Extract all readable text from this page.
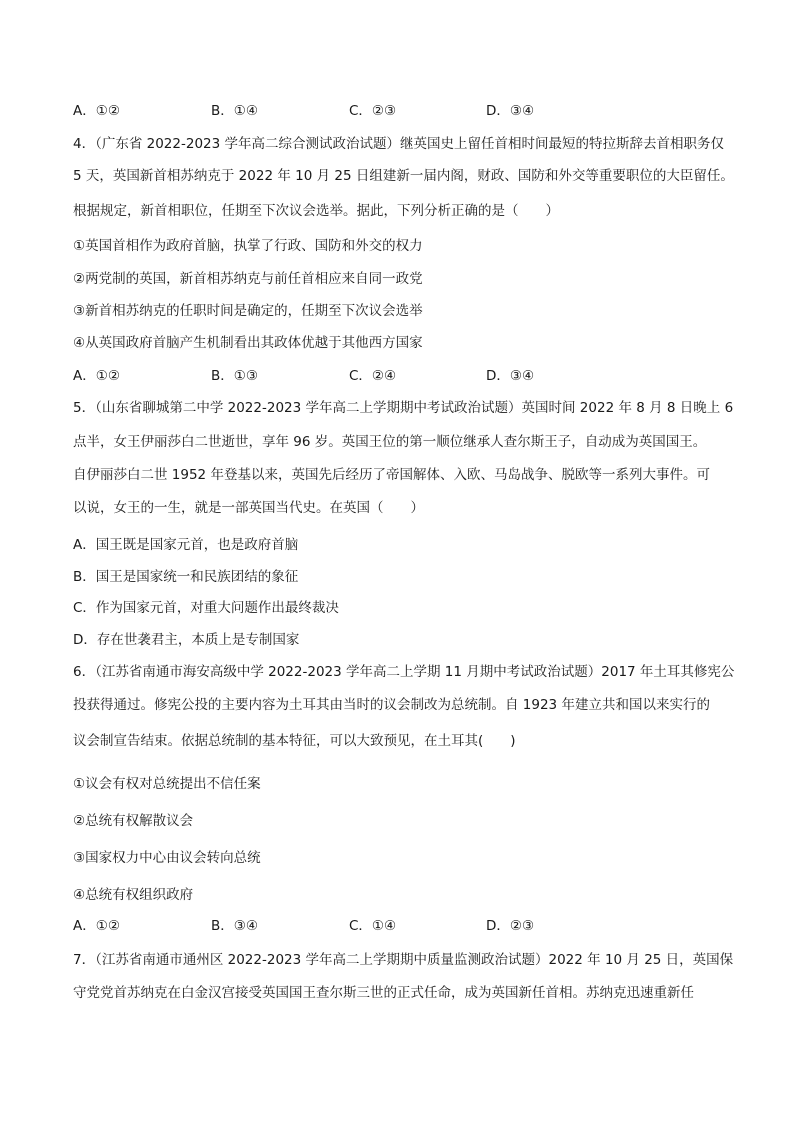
A．①②	B．①④	C．②③	D．③④
4．（广东省 2022-2023 学年高二综合测试政治试题）继英国史上留任首相时间最短的特拉斯辞去首相职务仅
5 天，英国新首相苏纳克于 2022 年 10 月 25 日组建新一届内阁，财政、国防和外交等重要职位的大臣留任。
根据规定，新首相职位，任期至下次议会选举。据此，下列分析正确的是（　　）
①英国首相作为政府首脑，执掌了行政、国防和外交的权力
②两党制的英国，新首相苏纳克与前任首相应来自同一政党
③新首相苏纳克的任职时间是确定的，任期至下次议会选举
④从英国政府首脑产生机制看出其政体优越于其他西方国家
A．①②	B．①③	C．②④	D．③④
5．（山东省聊城第二中学 2022-2023 学年高二上学期期中考试政治试题）英国时间 2022 年 8 月 8 日晚上 6
点半，女王伊丽莎白二世逝世，享年 96 岁。英国王位的第一顺位继承人查尔斯王子，自动成为英国国王。
自伊丽莎白二世 1952 年登基以来，英国先后经历了帝国解体、入欧、马岛战争、脱欧等一系列大事件。可
以说，女王的一生，就是一部英国当代史。在英国（　　）
A．国王既是国家元首，也是政府首脑
B．国王是国家统一和民族团结的象征
C．作为国家元首，对重大问题作出最终裁决
D．存在世袭君主，本质上是专制国家
6．（江苏省南通市海安高级中学 2022-2023 学年高二上学期 11 月期中考试政治试题）2017 年土耳其修宪公
投获得通过。修宪公投的主要内容为土耳其由当时的议会制改为总统制。自 1923 年建立共和国以来实行的
议会制宣告结束。依据总统制的基本特征，可以大致预见，在土耳其(　　)
①议会有权对总统提出不信任案
②总统有权解散议会
③国家权力中心由议会转向总统
④总统有权组织政府
A．①②	B．③④	C．①④	D．②③
7．（江苏省南通市通州区 2022-2023 学年高二上学期期中质量监测政治试题）2022 年 10 月 25 日，英国保
守党党首苏纳克在白金汉宫接受英国国王查尔斯三世的正式任命，成为英国新任首相。苏纳克迅速重新任
